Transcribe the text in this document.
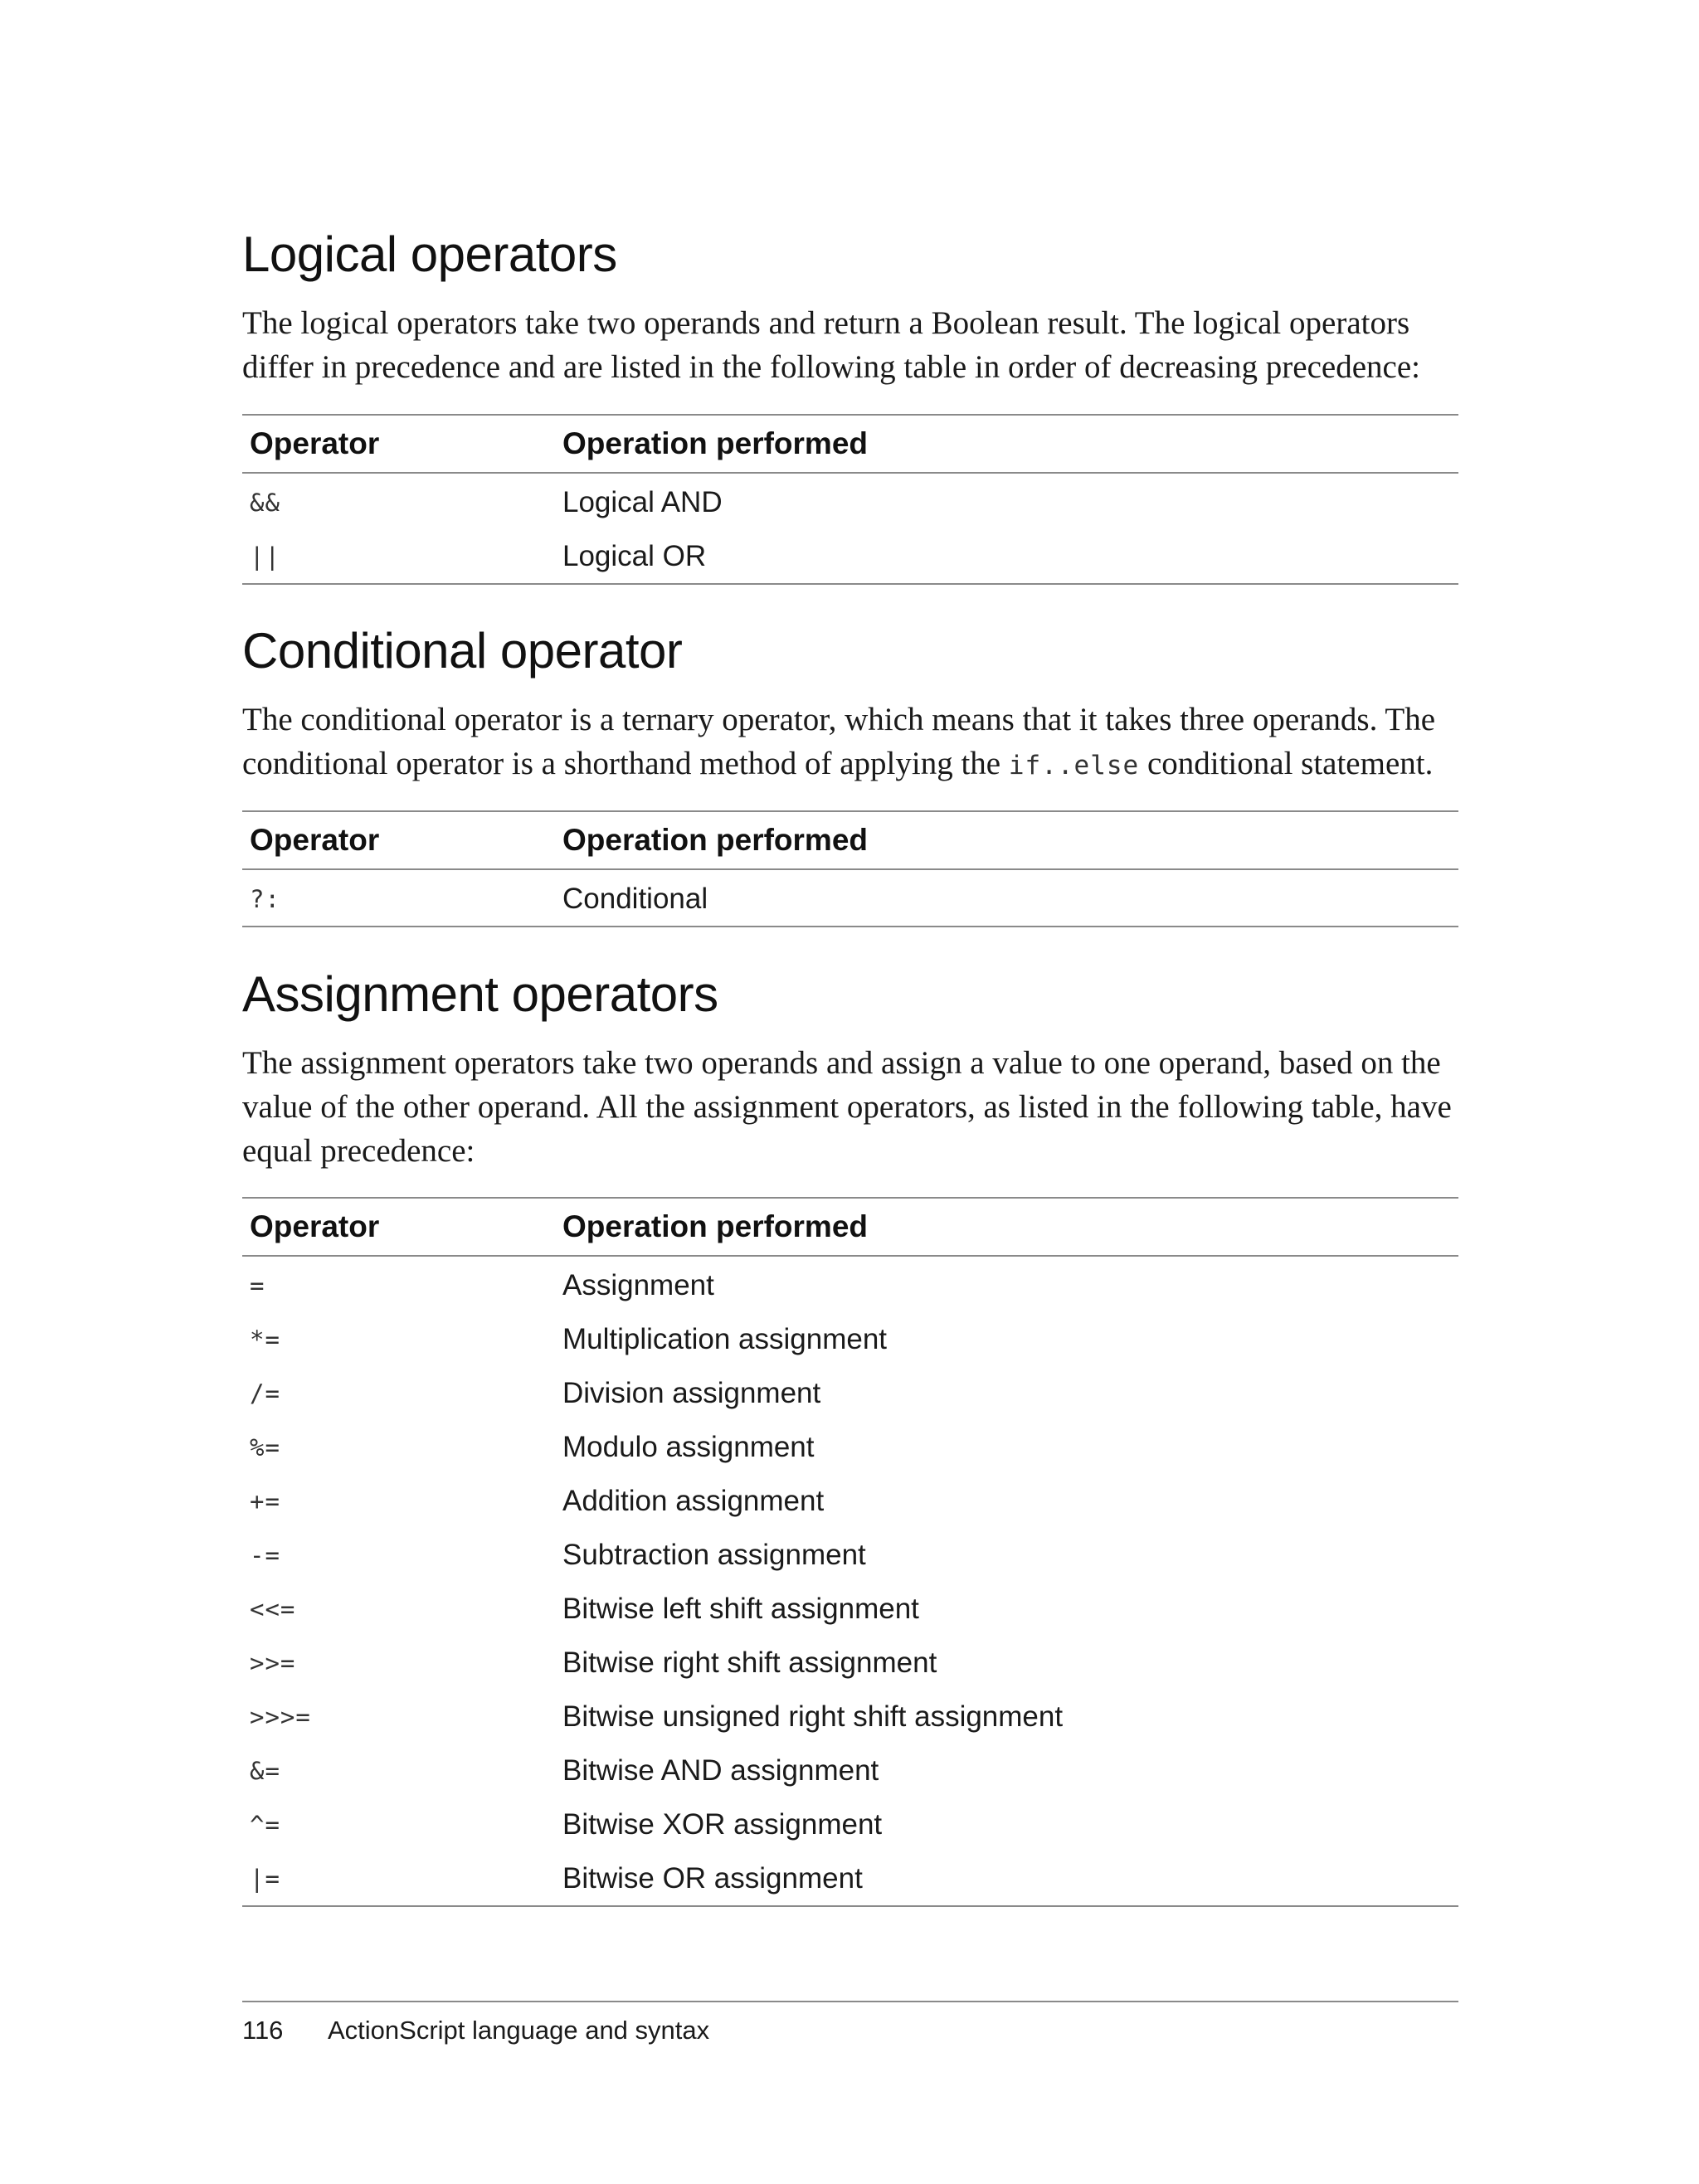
Logical operators

The logical operators take two operands and return a Boolean result. The logical operators
differ in precedence and are listed in the following table in order of decreasing precedence:

Operator	Operation performed
&&	Logical AND
||	Logical OR
Conditional operator

The conditional operator is a ternary operator, which means that it takes three operands. The
conditional operator is a shorthand method of applying the if..else conditional statement.

Operator	Operation performed
?:	Conditional
Assignment operators

The assignment operators take two operands and assign a value to one operand, based on the
value of the other operand. All the assignment operators, as listed in the following table, have
equal precedence:

Operator	Operation performed
=	Assignment
*=	Multiplication assignment
/=	Division assignment
%=	Modulo assignment
+=	Addition assignment
-=	Subtraction assignment
<<=	Bitwise left shift assignment
>>=	Bitwise right shift assignment
>>>=	Bitwise unsigned right shift assignment
&=	Bitwise AND assignment
^=	Bitwise XOR assignment
|=	Bitwise OR assignment
116 ActionScript language and syntax
